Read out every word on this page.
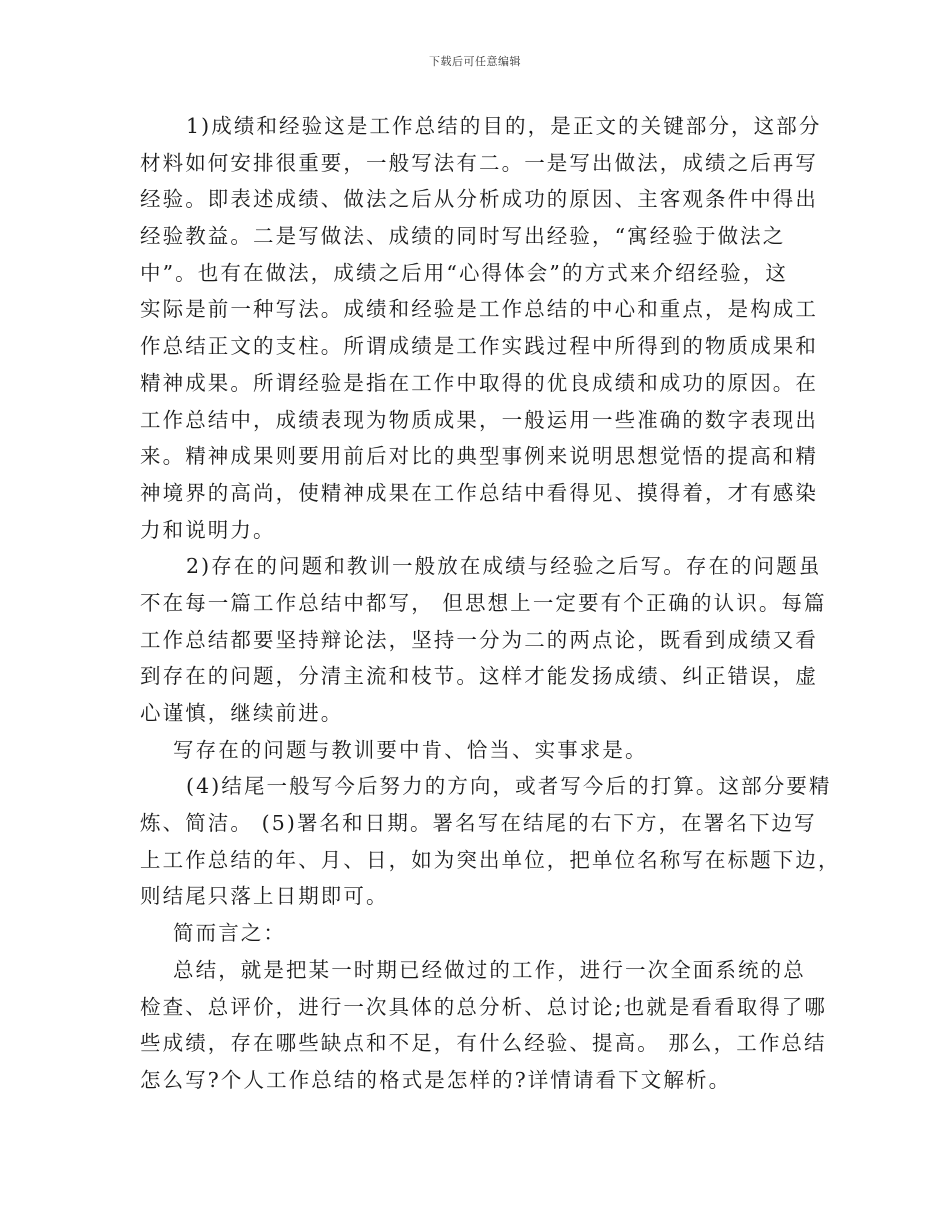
下载后可任意编辑
1)成绩和经验这是工作总结的目的，是正文的关键部分，这部分
材料如何安排很重要，一般写法有二。一是写出做法，成绩之后再写
经验。即表述成绩、做法之后从分析成功的原因、主客观条件中得出
经验教益。二是写做法、成绩的同时写出经验，“寓经验于做法之
中”。也有在做法，成绩之后用“心得体会”的方式来介绍经验，这
实际是前一种写法。成绩和经验是工作总结的中心和重点，是构成工
作总结正文的支柱。所谓成绩是工作实践过程中所得到的物质成果和
精神成果。所谓经验是指在工作中取得的优良成绩和成功的原因。在
工作总结中，成绩表现为物质成果，一般运用一些准确的数字表现出
来。精神成果则要用前后对比的典型事例来说明思想觉悟的提高和精
神境界的高尚，使精神成果在工作总结中看得见、摸得着，才有感染
力和说明力。
2)存在的问题和教训一般放在成绩与经验之后写。存在的问题虽
不在每一篇工作总结中都写， 但思想上一定要有个正确的认识。每篇
工作总结都要坚持辩论法，坚持一分为二的两点论，既看到成绩又看
到存在的问题，分清主流和枝节。这样才能发扬成绩、纠正错误，虚
心谨慎，继续前进。
写存在的问题与教训要中肯、恰当、实事求是。
(4)结尾一般写今后努力的方向，或者写今后的打算。这部分要精
炼、简洁。 (5)署名和日期。署名写在结尾的右下方，在署名下边写
上工作总结的年、月、日，如为突出单位，把单位名称写在标题下边，
则结尾只落上日期即可。
简而言之：
总结，就是把某一时期已经做过的工作，进行一次全面系统的总
检查、总评价，进行一次具体的总分析、总讨论;也就是看看取得了哪
些成绩，存在哪些缺点和不足，有什么经验、提高。 那么，工作总结
怎么写?个人工作总结的格式是怎样的?详情请看下文解析。
